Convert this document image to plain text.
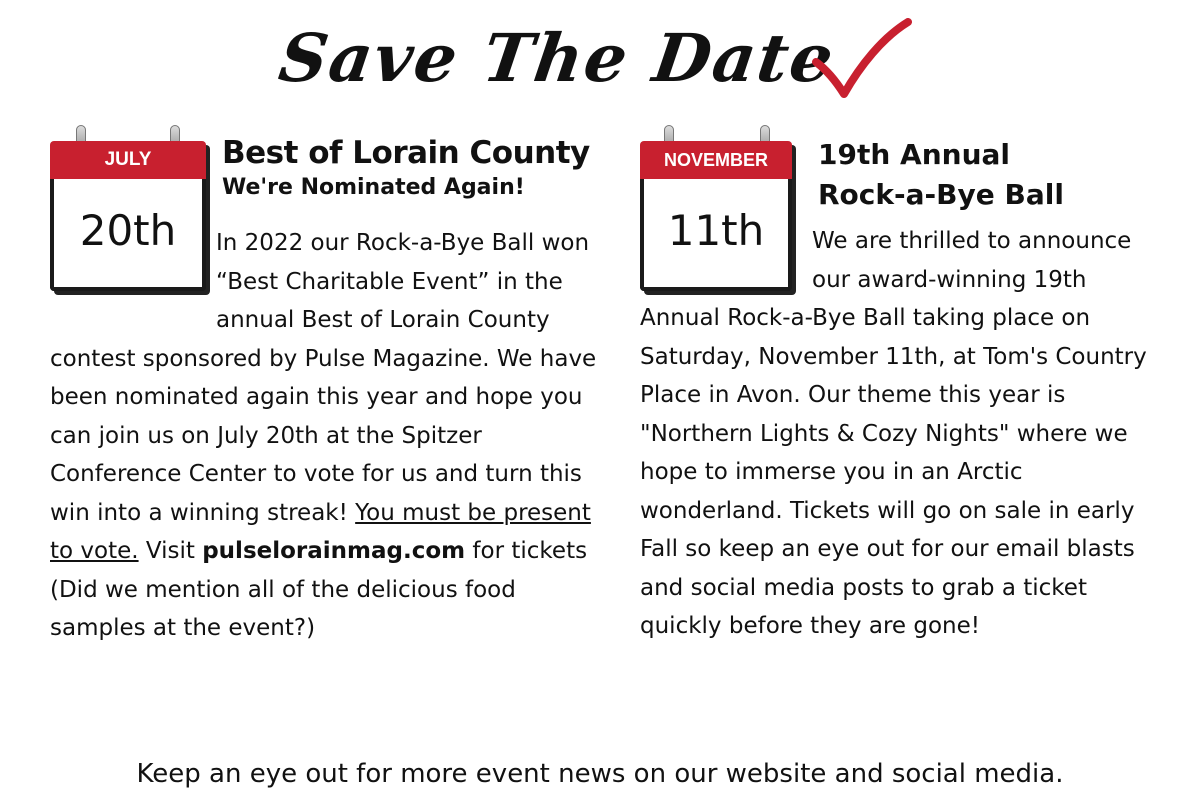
Save The Date
JULY
20th
Best of Lorain County
We're Nominated Again!

In 2022 our Rock-a-Bye Ball won “Best Charitable Event” in the annual Best of Lorain County contest sponsored by Pulse Magazine. We have been nominated again this year and hope you can join us on July 20th at the Spitzer Conference Center to vote for us and turn this win into a winning streak! You must be present to vote. Visit pulselorainmag.com for tickets (Did we mention all of the delicious food samples at the event?)

NOVEMBER
11th
19th Annual
Rock-a-Bye Ball

We are thrilled to announce our award-winning 19th Annual Rock-a-Bye Ball taking place on Saturday, November 11th, at Tom's Country Place in Avon. Our theme this year is "Northern Lights & Cozy Nights" where we hope to immerse you in an Arctic wonderland. Tickets will go on sale in early Fall so keep an eye out for our email blasts and social media posts to grab a ticket quickly before they are gone!

Keep an eye out for more event news on our website and social media.
